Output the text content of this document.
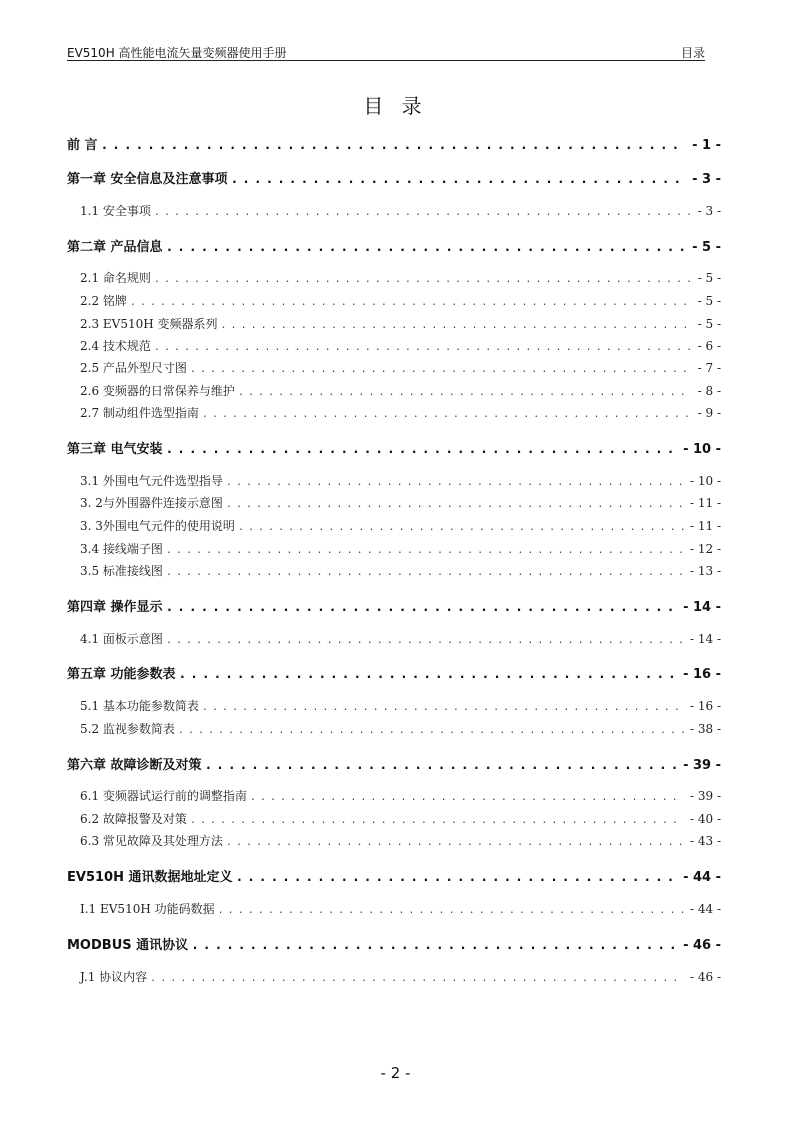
EV510H 高性能电流矢量变频器使用手册	目录
目 录
前 言 . . .	- 1 -
第一章 安全信息及注意事项 . . .	- 3 -
1.1 安全事项 . . .	- 3 -
第二章 产品信息 . . .	- 5 -
2.1 命名规则 . . .	- 5 -
2.2 铭牌 . . .	- 5 -
2.3 EV510H 变频器系列 . . .	- 5 -
2.4 技术规范 . . .	- 6 -
2.5 产品外型尺寸图 . . .	- 7 -
2.6 变频器的日常保养与维护 . . .	- 8 -
2.7 制动组件选型指南 . . .	- 9 -
第三章 电气安装 . . .	- 10 -
3.1 外围电气元件选型指导 . . .	- 10 -
3. 2与外围器件连接示意图 . . .	- 11 -
3. 3外围电气元件的使用说明 . . .	- 11 -
3.4 接线端子图 . . .	- 12 -
3.5 标准接线图 . . .	- 13 -
第四章 操作显示 . . .	- 14 -
4.1 面板示意图 . . .	- 14 -
第五章 功能参数表 . . .	- 16 -
5.1 基本功能参数简表 . . .	- 16 -
5.2 监视参数简表 . . .	- 38 -
第六章 故障诊断及对策 . . .	- 39 -
6.1 变频器试运行前的调整指南 . . .	- 39 -
6.2 故障报警及对策 . . .	- 40 -
6.3 常见故障及其处理方法 . . .	- 43 -
EV510H 通讯数据地址定义 . . .	- 44 -
I.1 EV510H 功能码数据 . . .	- 44 -
MODBUS 通讯协议 . . .	- 46 -
J.1 协议内容 . . .	- 46 -
- 2 -
